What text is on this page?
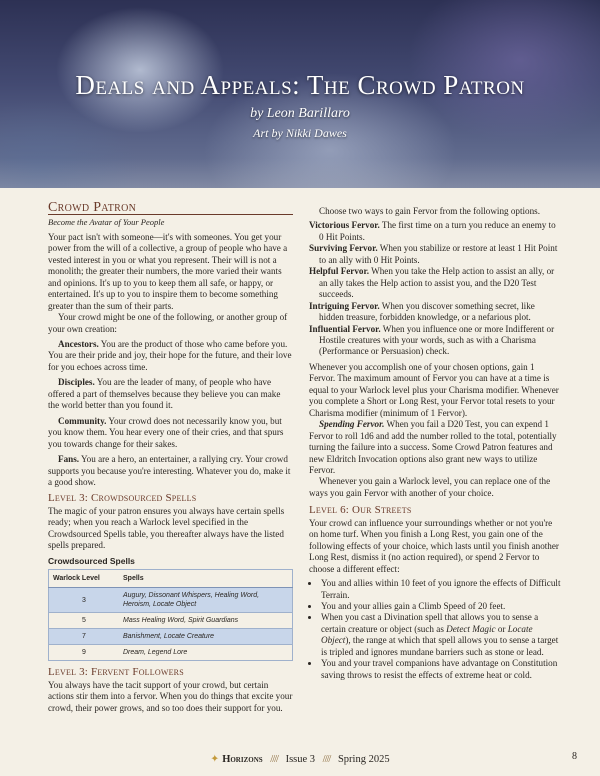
Deals and Appeals: The Crowd Patron
by Leon Barillaro
Art by Nikki Dawes
Crowd Patron
Become the Avatar of Your People

Your pact isn't with someone—it's with someones. You get your power from the will of a collective, a group of people who have a vested interest in you or what you represent. Their will is not a monolith; the greater their numbers, the more varied their wants and opinions. It's up to you to keep them all safe, or happy, or entertained. It's up to you to inspire them to become something greater than the sum of their parts.

Your crowd might be one of the following, or another group of your own creation:

Ancestors. You are the product of those who came before you. You are their pride and joy, their hope for the future, and their love for you echoes across time.

Disciples. You are the leader of many, of people who have offered a part of themselves because they believe you can make the world better than you found it.

Community. Your crowd does not necessarily know you, but you know them. You hear every one of their cries, and that spurs you towards change for their sakes.

Fans. You are a hero, an entertainer, a rallying cry. Your crowd supports you because you're interesting. Whatever you do, make it a good show.

Level 3: Crowdsourced Spells

The magic of your patron ensures you always have certain spells ready; when you reach a Warlock level specified in the Crowdsourced Spells table, you thereafter always have the listed spells prepared.

Crowdsourced Spells
Warlock Level	Spells
3	Augury, Dissonant Whispers, Healing Word, Heroism, Locate Object
5	Mass Healing Word, Spirit Guardians
7	Banishment, Locate Creature
9	Dream, Legend Lore
Level 3: Fervent Followers

You always have the tacit support of your crowd, but certain actions stir them into a fervor. When you do things that excite your crowd, their power grows, and so too does their support for you.

Choose two ways to gain Fervor from the following options.

Victorious Fervor. The first time on a turn you reduce an enemy to 0 Hit Points.

Surviving Fervor. When you stabilize or restore at least 1 Hit Point to an ally with 0 Hit Points.

Helpful Fervor. When you take the Help action to assist an ally, or an ally takes the Help action to assist you, and the D20 Test succeeds.

Intriguing Fervor. When you discover something secret, like hidden treasure, forbidden knowledge, or a nefarious plot.

Influential Fervor. When you influence one or more Indifferent or Hostile creatures with your words, such as with a Charisma (Performance or Persuasion) check.

Whenever you accomplish one of your chosen options, gain 1 Fervor. The maximum amount of Fervor you can have at a time is equal to your Warlock level plus your Charisma modifier. Whenever you complete a Short or Long Rest, your Fervor total resets to your Charisma modifier (minimum of 1 Fervor).

Spending Fervor. When you fail a D20 Test, you can expend 1 Fervor to roll 1d6 and add the number rolled to the total, potentially turning the failure into a success. Some Crowd Patron features and new Eldritch Invocation options also grant new ways to utilize Fervor.

Whenever you gain a Warlock level, you can replace one of the ways you gain Fervor with another of your choice.

Level 6: Our Streets

Your crowd can influence your surroundings whether or not you're on home turf. When you finish a Long Rest, you gain one of the following effects of your choice, which lasts until you finish another Long Rest, dismiss it (no action required), or spend 2 Fervor to choose a different effect:

• You and allies within 10 feet of you ignore the effects of Difficult Terrain.
• You and your allies gain a Climb Speed of 20 feet.
• When you cast a Divination spell that allows you to sense a certain creature or object (such as Detect Magic or Locate Object), the range at which that spell allows you to sense a target is tripled and ignores mundane barriers such as stone or lead.
• You and your travel companions have advantage on Constitution saving throws to resist the effects of extreme heat or cold.
✦ Horizons //// Issue 3 //// Spring 2025	8
